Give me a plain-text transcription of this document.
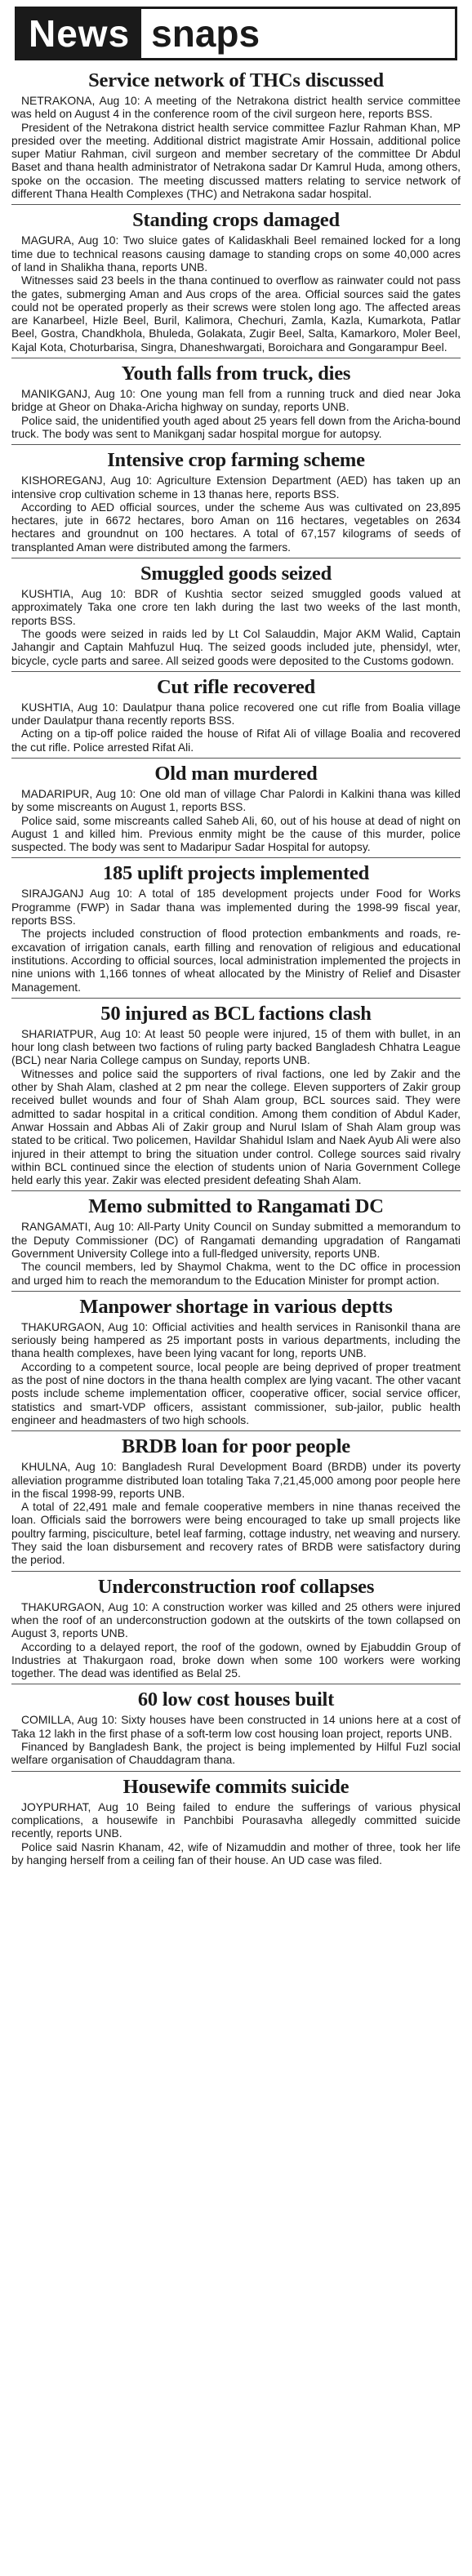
News snaps
Service network of THCs discussed

NETRAKONA, Aug 10: A meeting of the Netrakona district health service committee was held on August 4 in the conference room of the civil surgeon here, reports BSS.

President of the Netrakona district health service committee Fazlur Rahman Khan, MP presided over the meeting. Additional district magistrate Amir Hossain, additional police super Matiur Rahman, civil surgeon and member secretary of the committee Dr Abdul Baset and thana health administrator of Netrakona sadar Dr Kamrul Huda, among others, spoke on the occasion. The meeting discussed matters relating to service network of different Thana Health Complexes (THC) and Netrakona sadar hospital.

Standing crops damaged

MAGURA, Aug 10: Two sluice gates of Kalidaskhali Beel remained locked for a long time due to technical reasons causing damage to standing crops on some 40,000 acres of land in Shalikha thana, reports UNB.

Witnesses said 23 beels in the thana continued to overflow as rainwater could not pass the gates, submerging Aman and Aus crops of the area. Official sources said the gates could not be operated properly as their screws were stolen long ago. The affected areas are Kanarbeel, Hizle Beel, Buril, Kalimora, Chechuri, Zamla, Kazla, Kumarkota, Patlar Beel, Gostra, Chandkhola, Bhuleda, Golakata, Zugir Beel, Salta, Kamarkoro, Moler Beel, Kajal Kota, Choturbarisa, Singra, Dhaneshwargati, Boroichara and Gongarampur Beel.

Youth falls from truck, dies

MANIKGANJ, Aug 10: One young man fell from a running truck and died near Joka bridge at Gheor on Dhaka-Aricha highway on sunday, reports UNB.

Police said, the unidentified youth aged about 25 years fell down from the Aricha-bound truck. The body was sent to Manikganj sadar hospital morgue for autopsy.

Intensive crop farming scheme

KISHOREGANJ, Aug 10: Agriculture Extension Department (AED) has taken up an intensive crop cultivation scheme in 13 thanas here, reports BSS.

According to AED official sources, under the scheme Aus was cultivated on 23,895 hectares, jute in 6672 hectares, boro Aman on 116 hectares, vegetables on 2634 hectares and groundnut on 100 hectares. A total of 67,157 kilograms of seeds of transplanted Aman were distributed among the farmers.

Smuggled goods seized

KUSHTIA, Aug 10: BDR of Kushtia sector seized smuggled goods valued at approximately Taka one crore ten lakh during the last two weeks of the last month, reports BSS.

The goods were seized in raids led by Lt Col Salauddin, Major AKM Walid, Captain Jahangir and Captain Mahfuzul Huq. The seized goods included jute, phensidyl, wter, bicycle, cycle parts and saree. All seized goods were deposited to the Customs godown.

Cut rifle recovered

KUSHTIA, Aug 10: Daulatpur thana police recovered one cut rifle from Boalia village under Daulatpur thana recently reports BSS.

Acting on a tip-off police raided the house of Rifat Ali of village Boalia and recovered the cut rifle. Police arrested Rifat Ali.

Old man murdered

MADARIPUR, Aug 10: One old man of village Char Palordi in Kalkini thana was killed by some miscreants on August 1, reports BSS.

Police said, some miscreants called Saheb Ali, 60, out of his house at dead of night on August 1 and killed him. Previous enmity might be the cause of this murder, police suspected. The body was sent to Madaripur Sadar Hospital for autopsy.

185 uplift projects implemented

SIRAJGANJ Aug 10: A total of 185 development projects under Food for Works Programme (FWP) in Sadar thana was implemented during the 1998-99 fiscal year, reports BSS.

The projects included construction of flood protection embankments and roads, re-excavation of irrigation canals, earth filling and renovation of religious and educational institutions. According to official sources, local administration implemented the projects in nine unions with 1,166 tonnes of wheat allocated by the Ministry of Relief and Disaster Management.

50 injured as BCL factions clash

SHARIATPUR, Aug 10: At least 50 people were injured, 15 of them with bullet, in an hour long clash between two factions of ruling party backed Bangladesh Chhatra League (BCL) near Naria College campus on Sunday, reports UNB.

Witnesses and police said the supporters of rival factions, one led by Zakir and the other by Shah Alam, clashed at 2 pm near the college. Eleven supporters of Zakir group received bullet wounds and four of Shah Alam group, BCL sources said. They were admitted to sadar hospital in a critical condition. Among them condition of Abdul Kader, Anwar Hossain and Abbas Ali of Zakir group and Nurul Islam of Shah Alam group was stated to be critical. Two policemen, Havildar Shahidul Islam and Naek Ayub Ali were also injured in their attempt to bring the situation under control. College sources said rivalry within BCL continued since the election of students union of Naria Government College held early this year. Zakir was elected president defeating Shah Alam.

Memo submitted to Rangamati DC

RANGAMATI, Aug 10: All-Party Unity Council on Sunday submitted a memorandum to the Deputy Commissioner (DC) of Rangamati demanding upgradation of Rangamati Government University College into a full-fledged university, reports UNB.

The council members, led by Shaymol Chakma, went to the DC office in procession and urged him to reach the memorandum to the Education Minister for prompt action.

Manpower shortage in various deptts

THAKURGAON, Aug 10: Official activities and health services in Ranisonkil thana are seriously being hampered as 25 important posts in various departments, including the thana health complexes, have been lying vacant for long, reports UNB.

According to a competent source, local people are being deprived of proper treatment as the post of nine doctors in the thana health complex are lying vacant. The other vacant posts include scheme implementation officer, cooperative officer, social service officer, statistics and smart-VDP officers, assistant commissioner, sub-jailor, public health engineer and headmasters of two high schools.

BRDB loan for poor people

KHULNA, Aug 10: Bangladesh Rural Development Board (BRDB) under its poverty alleviation programme distributed loan totaling Taka 7,21,45,000 among poor people here in the fiscal 1998-99, reports UNB.

A total of 22,491 male and female cooperative members in nine thanas received the loan. Officials said the borrowers were being encouraged to take up small projects like poultry farming, pisciculture, betel leaf farming, cottage industry, net weaving and nursery. They said the loan disbursement and recovery rates of BRDB were satisfactory during the period.

Underconstruction roof collapses

THAKURGAON, Aug 10: A construction worker was killed and 25 others were injured when the roof of an underconstruction godown at the outskirts of the town collapsed on August 3, reports UNB.

According to a delayed report, the roof of the godown, owned by Ejabuddin Group of Industries at Thakurgaon road, broke down when some 100 workers were working together. The dead was identified as Belal 25.

60 low cost houses built

COMILLA, Aug 10: Sixty houses have been constructed in 14 unions here at a cost of Taka 12 lakh in the first phase of a soft-term low cost housing loan project, reports UNB.

Financed by Bangladesh Bank, the project is being implemented by Hilful Fuzl social welfare organisation of Chauddagram thana.

Housewife commits suicide

JOYPURHAT, Aug 10 Being failed to endure the sufferings of various physical complications, a housewife in Panchbibi Pourasavha allegedly committed suicide recently, reports UNB.

Police said Nasrin Khanam, 42, wife of Nizamuddin and mother of three, took her life by hanging herself from a ceiling fan of their house. An UD case was filed.
